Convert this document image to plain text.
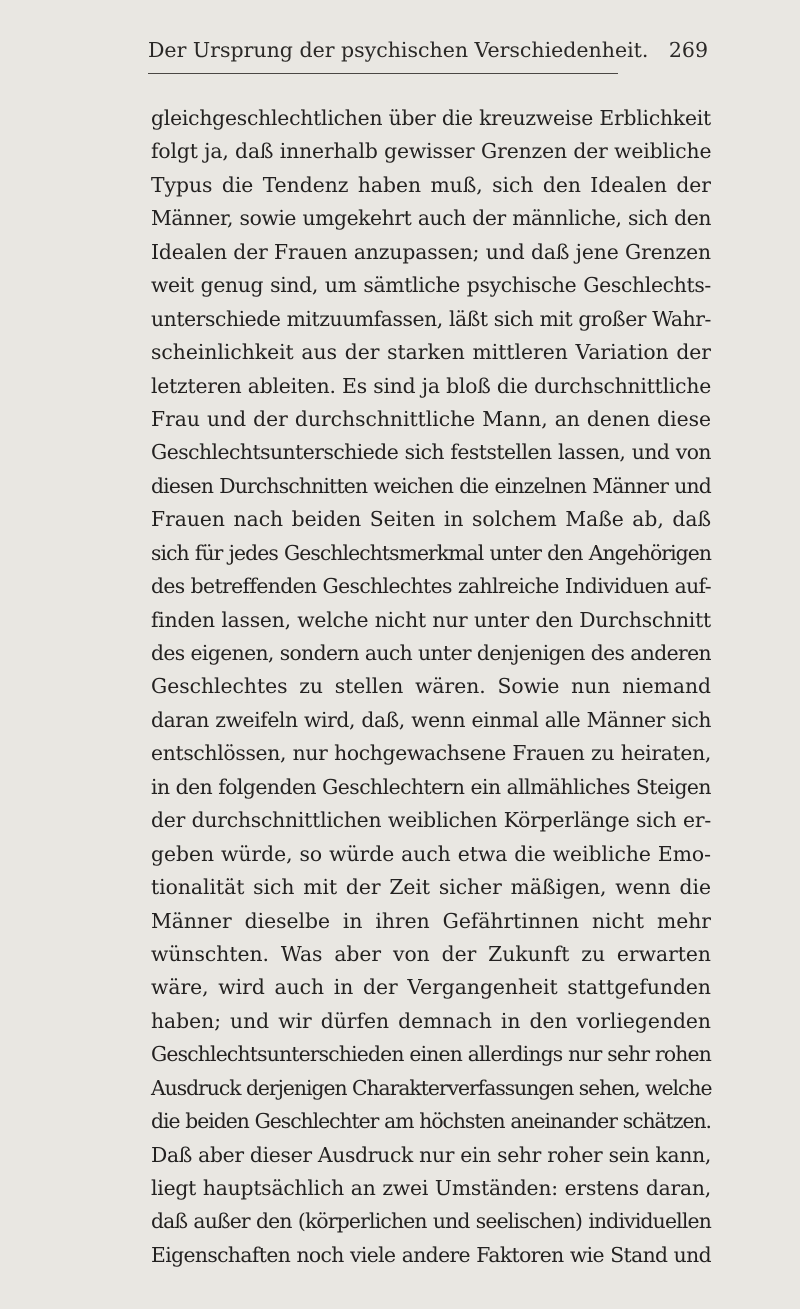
Der Ursprung der psychischen Verschiedenheit. 269
gleichgeschlechtlichen über die kreuzweise Erblichkeit
folgt ja, daß innerhalb gewisser Grenzen der weibliche
Typus die Tendenz haben muß, sich den Idealen der
Männer, sowie umgekehrt auch der männliche, sich den
Idealen der Frauen anzupassen; und daß jene Grenzen
weit genug sind, um sämtliche psychische Geschlechts-
unterschiede mitzuumfassen, läßt sich mit großer Wahr-
scheinlichkeit aus der starken mittleren Variation der
letzteren ableiten. Es sind ja bloß die durchschnittliche
Frau und der durchschnittliche Mann, an denen diese
Geschlechtsunterschiede sich feststellen lassen, und von
diesen Durchschnitten weichen die einzelnen Männer und
Frauen nach beiden Seiten in solchem Maße ab, daß
sich für jedes Geschlechtsmerkmal unter den Angehörigen
des betreffenden Geschlechtes zahlreiche Individuen auf-
finden lassen, welche nicht nur unter den Durchschnitt
des eigenen, sondern auch unter denjenigen des anderen
Geschlechtes zu stellen wären. Sowie nun niemand
daran zweifeln wird, daß, wenn einmal alle Männer sich
entschlössen, nur hochgewachsene Frauen zu heiraten,
in den folgenden Geschlechtern ein allmähliches Steigen
der durchschnittlichen weiblichen Körperlänge sich er-
geben würde, so würde auch etwa die weibliche Emo-
tionalität sich mit der Zeit sicher mäßigen, wenn die
Männer dieselbe in ihren Gefährtinnen nicht mehr
wünschten. Was aber von der Zukunft zu erwarten
wäre, wird auch in der Vergangenheit stattgefunden
haben; und wir dürfen demnach in den vorliegenden
Geschlechtsunterschieden einen allerdings nur sehr rohen
Ausdruck derjenigen Charakterverfassungen sehen, welche
die beiden Geschlechter am höchsten aneinander schätzen.
Daß aber dieser Ausdruck nur ein sehr roher sein kann,
liegt hauptsächlich an zwei Umständen: erstens daran,
daß außer den (körperlichen und seelischen) individuellen
Eigenschaften noch viele andere Faktoren wie Stand und
